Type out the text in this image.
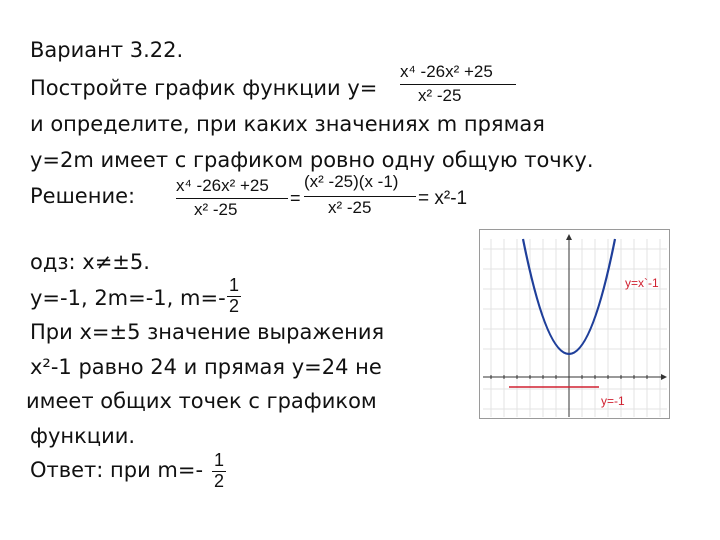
Вариант 3.22.
Постройте график функции y=
x⁴ -26x² +25
x² -25
и определите, при каких значениях m прямая
y=2m имеет с графиком ровно одну общую точку.
Решение: x⁴ -26x² +25
x² -25
=
(x² -25)(x -1)
x² -25 = x²-1
одз: x≠±5.
y=-1, 2m=-1, m=-
1
2
При x=±5 значение выражения
x²-1 равно 24 и прямая y=24 не
имеет общих точек с графиком
функции.
Ответ: при m=- 1
2
y=x`-1
y=-1
